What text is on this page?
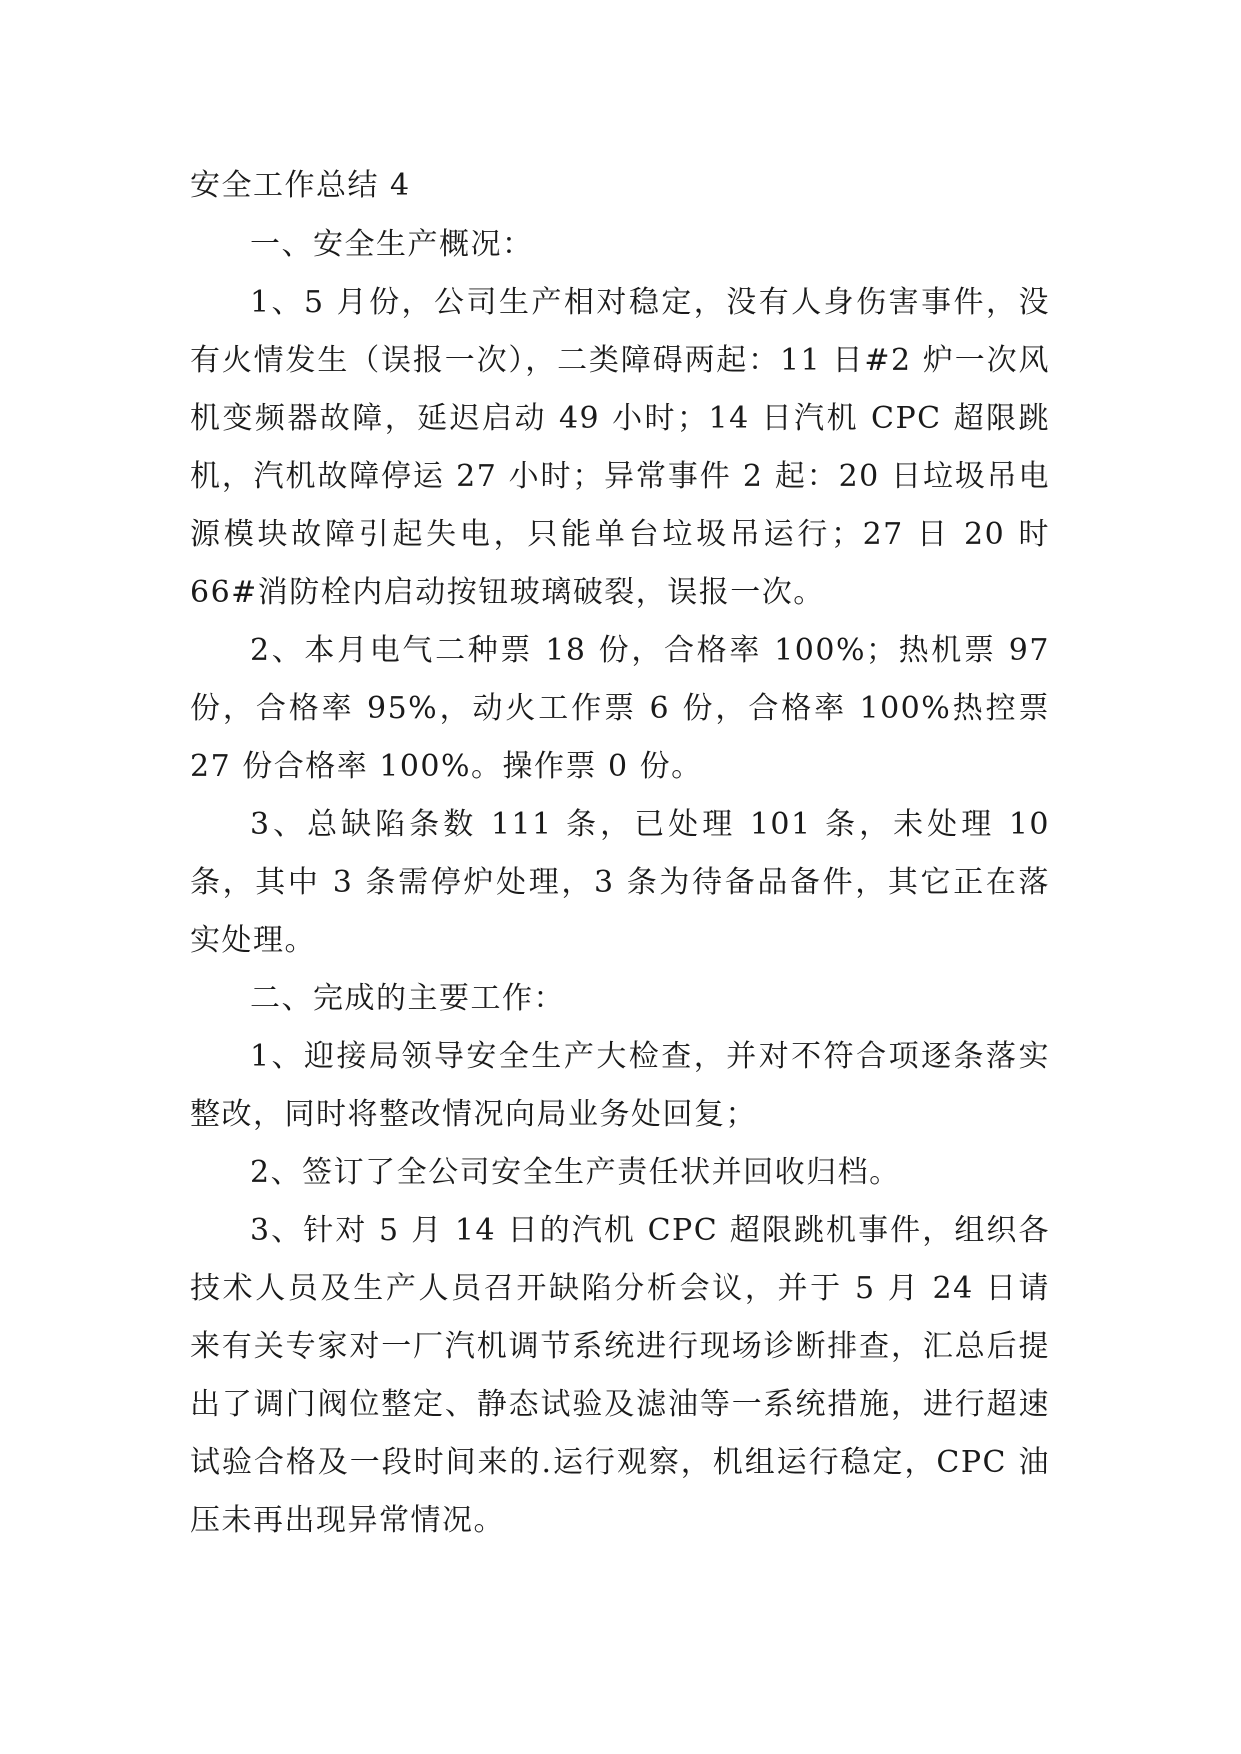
安全工作总结 4

一、安全生产概况：

1、5 月份，公司生产相对稳定，没有人身伤害事件，没有火情发生（误报一次），二类障碍两起：11 日#2 炉一次风机变频器故障，延迟启动 49 小时；14 日汽机 CPC 超限跳机，汽机故障停运 27 小时；异常事件 2 起：20 日垃圾吊电源模块故障引起失电，只能单台垃圾吊运行；27 日 20 时 66#消防栓内启动按钮玻璃破裂，误报一次。

2、本月电气二种票 18 份，合格率 100%；热机票 97 份，合格率 95%，动火工作票 6 份，合格率 100%热控票 27 份合格率 100%。操作票 0 份。

3、总缺陷条数 111 条，已处理 101 条，未处理 10 条，其中 3 条需停炉处理，3 条为待备品备件，其它正在落实处理。

二、完成的主要工作：

1、迎接局领导安全生产大检查，并对不符合项逐条落实整改，同时将整改情况向局业务处回复；

2、签订了全公司安全生产责任状并回收归档。

3、针对 5 月 14 日的汽机 CPC 超限跳机事件，组织各技术人员及生产人员召开缺陷分析会议，并于 5 月 24 日请来有关专家对一厂汽机调节系统进行现场诊断排查，汇总后提出了调门阀位整定、静态试验及滤油等一系统措施，进行超速试验合格及一段时间来的.运行观察，机组运行稳定，CPC 油压未再出现异常情况。
